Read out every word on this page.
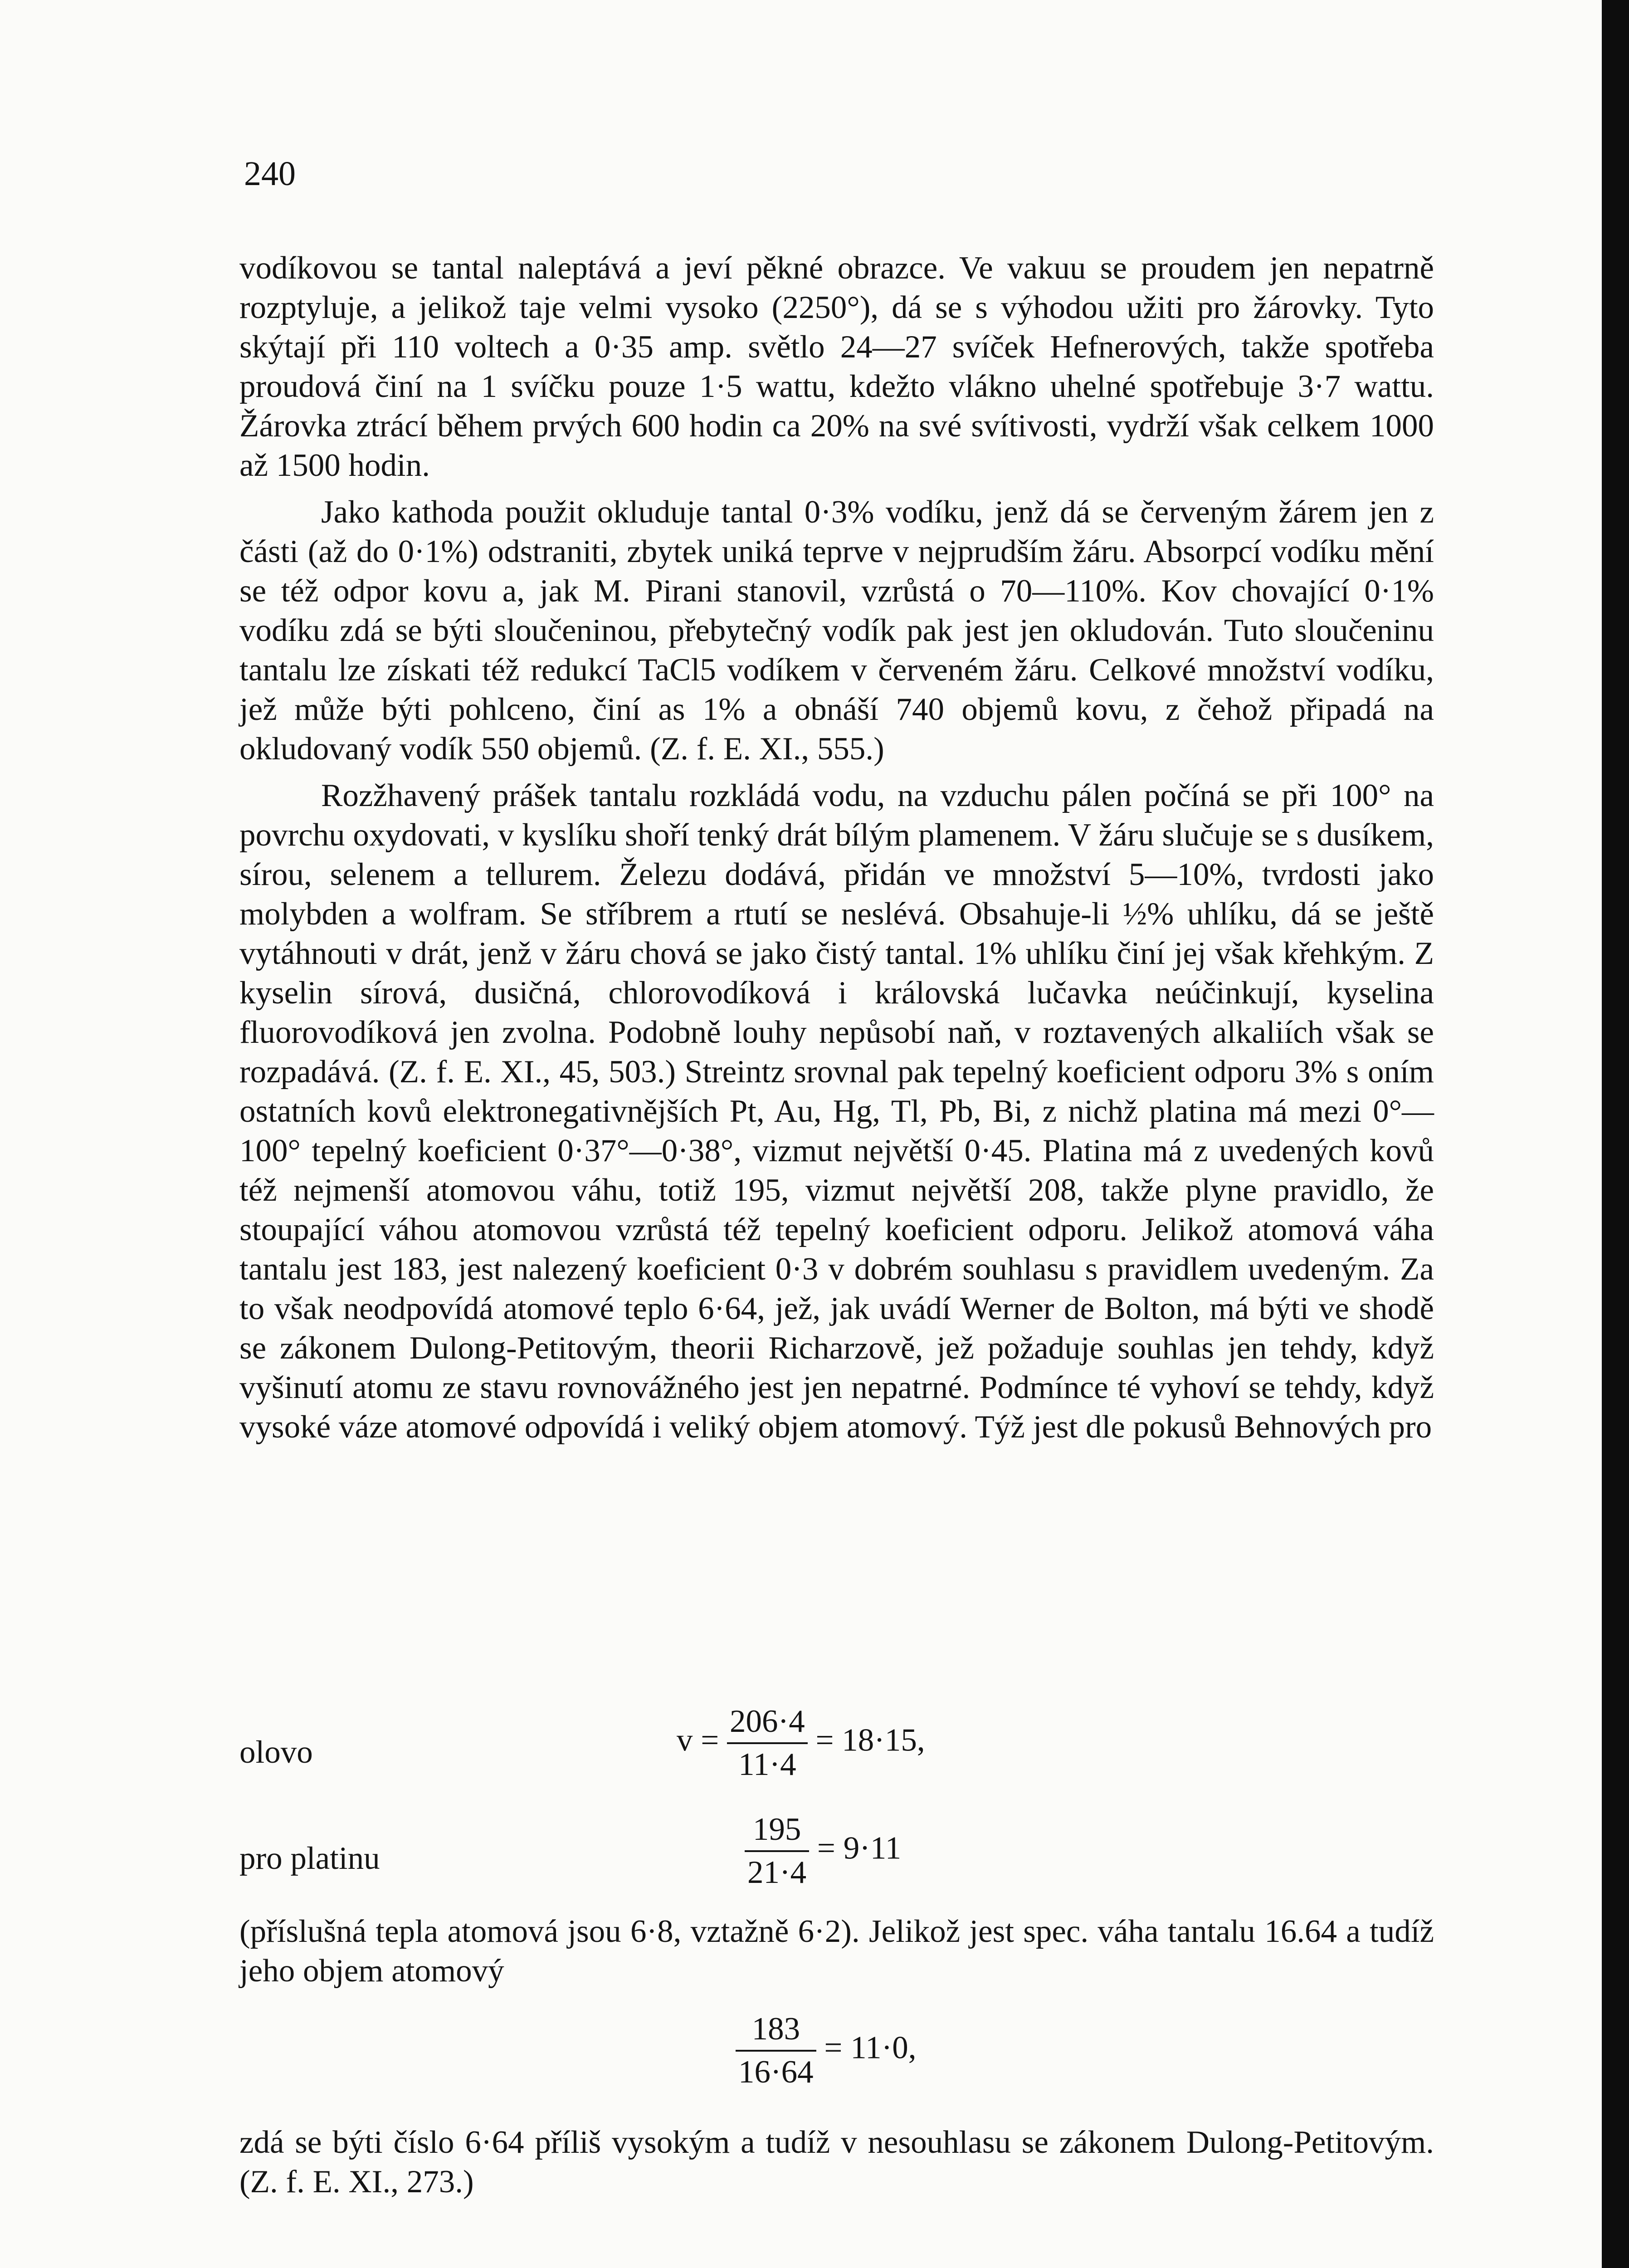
240

vodíkovou se tantal naleptává a jeví pěkné obrazce. Ve vakuu se proudem jen nepatrně rozptyluje, a jelikož taje velmi vysoko (2250°), dá se s výhodou užiti pro žárovky. Tyto skýtají při 110 voltech a 0·35 amp. světlo 24—27 svíček Hefnerových, takže spotřeba proudová činí na 1 svíčku pouze 1·5 wattu, kdežto vlákno uhelné spotřebuje 3·7 wattu. Žárovka ztrácí během prvých 600 hodin ca 20% na své svítivosti, vydrží však celkem 1000 až 1500 hodin.

Jako kathoda použit okluduje tantal 0·3% vodíku, jenž dá se červeným žárem jen z části (až do 0·1%) odstraniti, zbytek uniká teprve v nejprudším žáru. Absorpcí vodíku mění se též odpor kovu a, jak M. Pirani stanovil, vzrůstá o 70—110%. Kov chovající 0·1% vodíku zdá se býti sloučeninou, přebytečný vodík pak jest jen okludován. Tuto sloučeninu tantalu lze získati též redukcí TaCl5 vodíkem v červeném žáru. Celkové množství vodíku, jež může býti pohlceno, činí as 1% a obnáší 740 objemů kovu, z čehož připadá na okludovaný vodík 550 objemů. (Z. f. E. XI., 555.)

Rozžhavený prášek tantalu rozkládá vodu, na vzduchu pálen počíná se při 100° na povrchu oxydovati, v kyslíku shoří tenký drát bílým plamenem. V žáru slučuje se s dusíkem, sírou, selenem a tellurem. Železu dodává, přidán ve množství 5—10%, tvrdosti jako molybden a wolfram. Se stříbrem a rtutí se neslévá. Obsahuje-li ½% uhlíku, dá se ještě vytáhnouti v drát, jenž v žáru chová se jako čistý tantal. 1% uhlíku činí jej však křehkým. Z kyselin sírová, dusičná, chlorovodíková i královská lučavka neúčinkují, kyselina fluorovodíková jen zvolna. Podobně louhy nepůsobí naň, v roztavených alkaliích však se rozpadává. (Z. f. E. XI., 45, 503.) Streintz srovnal pak tepelný koeficient odporu 3% s oním ostatních kovů elektronegativnějších Pt, Au, Hg, Tl, Pb, Bi, z nichž platina má mezi 0°—100° tepelný koeficient 0·37°—0·38°, vizmut největší 0·45. Platina má z uvedených kovů též nejmenší atomovou váhu, totiž 195, vizmut největší 208, takže plyne pravidlo, že stoupající váhou atomovou vzrůstá též tepelný koeficient odporu. Jelikož atomová váha tantalu jest 183, jest nalezený koeficient 0·3 v dobrém souhlasu s pravidlem uvedeným. Za to však neodpovídá atomové teplo 6·64, jež, jak uvádí Werner de Bolton, má býti ve shodě se zákonem Dulong-Petitovým, theorii Richarzově, jež požaduje souhlas jen tehdy, když vyšinutí atomu ze stavu rovnovážného jest jen nepatrné. Podmínce té vyhoví se tehdy, když vysoké váze atomové odpovídá i veliký objem atomový. Týž jest dle pokusů Behnových pro

olovo	$v = \frac{206\cdot 4}{11\cdot 4} = 18\cdot 15$,
pro platinu	$\frac{195}{21\cdot 4} = 9\cdot 11$

(příslušná tepla atomová jsou 6·8, vztažně 6·2). Jelikož jest spec. váha tantalu 16.64 a tudíž jeho objem atomový

$\frac{183}{16\cdot 64} = 11\cdot 0$,

zdá se býti číslo 6·64 příliš vysokým a tudíž v nesouhlasu se zákonem Dulong-Petitovým. (Z. f. E. XI., 273.)
